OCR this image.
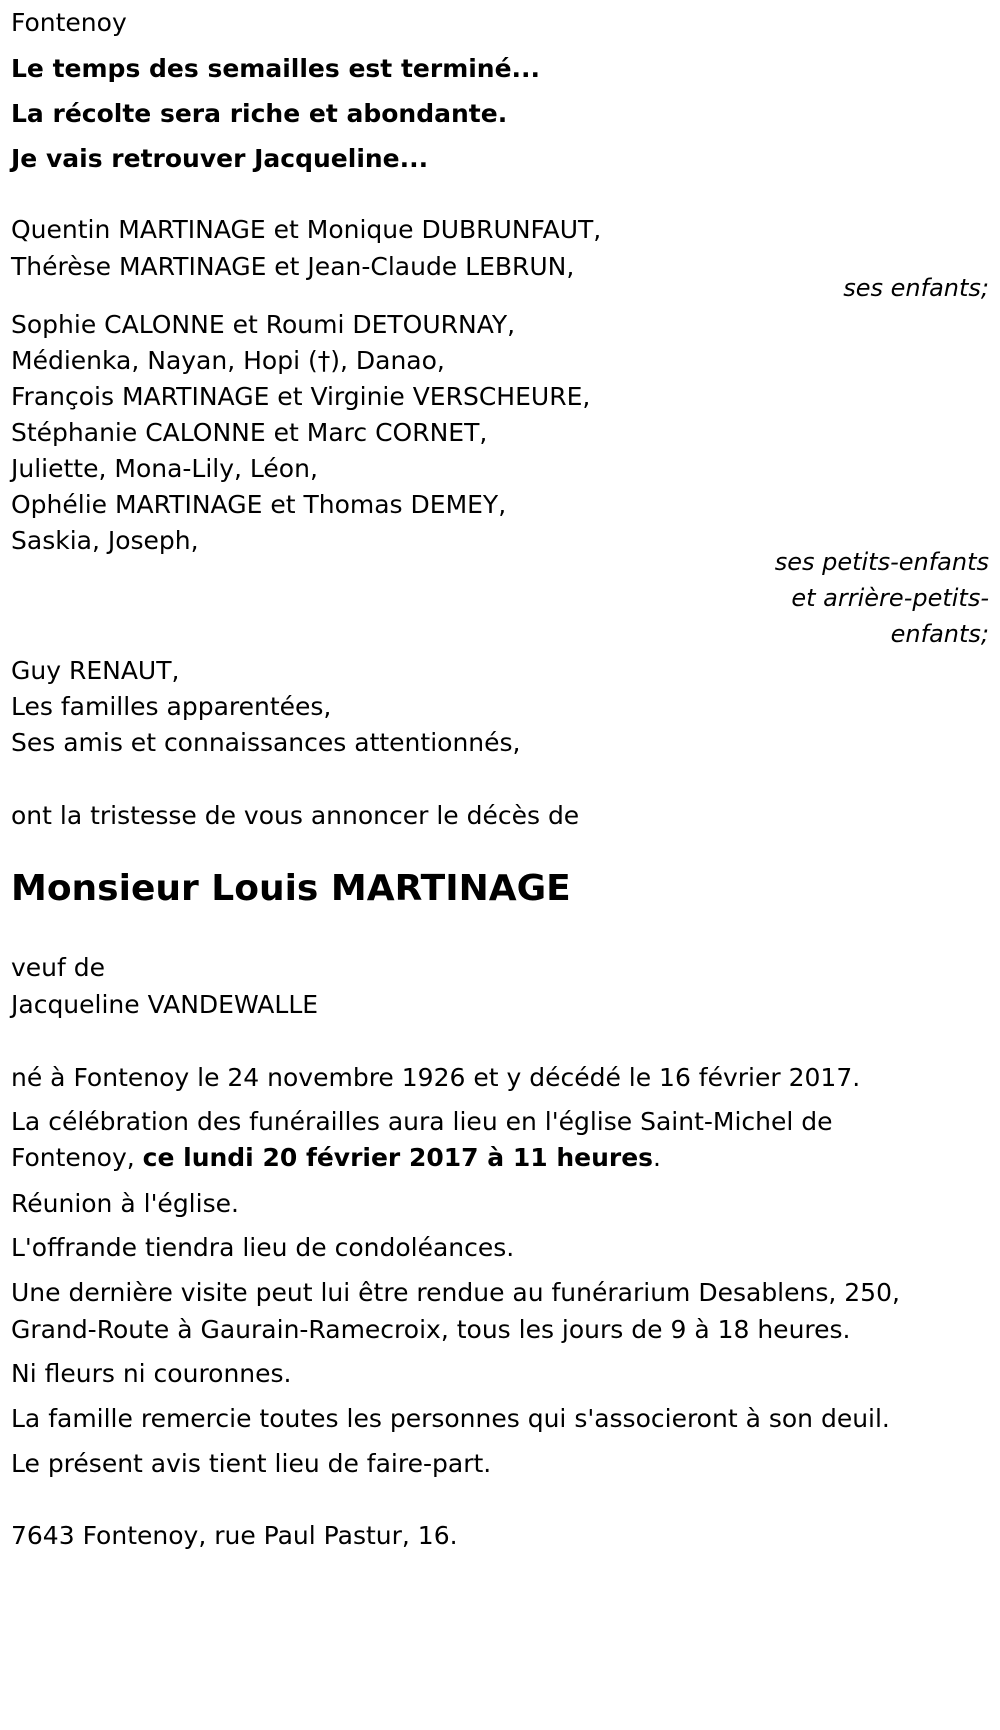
Fontenoy
Le temps des semailles est terminé...
La récolte sera riche et abondante.
Je vais retrouver Jacqueline...
Quentin MARTINAGE et Monique DUBRUNFAUT,
Thérèse MARTINAGE et Jean-Claude LEBRUN,
ses enfants;
Sophie CALONNE et Roumi DETOURNAY,
Médienka, Nayan, Hopi (†), Danao,
François MARTINAGE et Virginie VERSCHEURE,
Stéphanie CALONNE et Marc CORNET,
Juliette, Mona-Lily, Léon,
Ophélie MARTINAGE et Thomas DEMEY,
Saskia, Joseph,
ses petits-enfants
et arrière-petits-
enfants;
Guy RENAUT,
Les familles apparentées,
Ses amis et connaissances attentionnés,
ont la tristesse de vous annoncer le décès de
Monsieur Louis MARTINAGE
veuf de
Jacqueline VANDEWALLE
né à Fontenoy le 24 novembre 1926 et y décédé le 16 février 2017.
La célébration des funérailles aura lieu en l'église Saint-Michel de
Fontenoy, ce lundi 20 février 2017 à 11 heures.
Réunion à l'église.
L'offrande tiendra lieu de condoléances.
Une dernière visite peut lui être rendue au funérarium Desablens, 250,
Grand-Route à Gaurain-Ramecroix, tous les jours de 9 à 18 heures.
Ni fleurs ni couronnes.
La famille remercie toutes les personnes qui s'associeront à son deuil.
Le présent avis tient lieu de faire-part.
7643 Fontenoy, rue Paul Pastur, 16.
